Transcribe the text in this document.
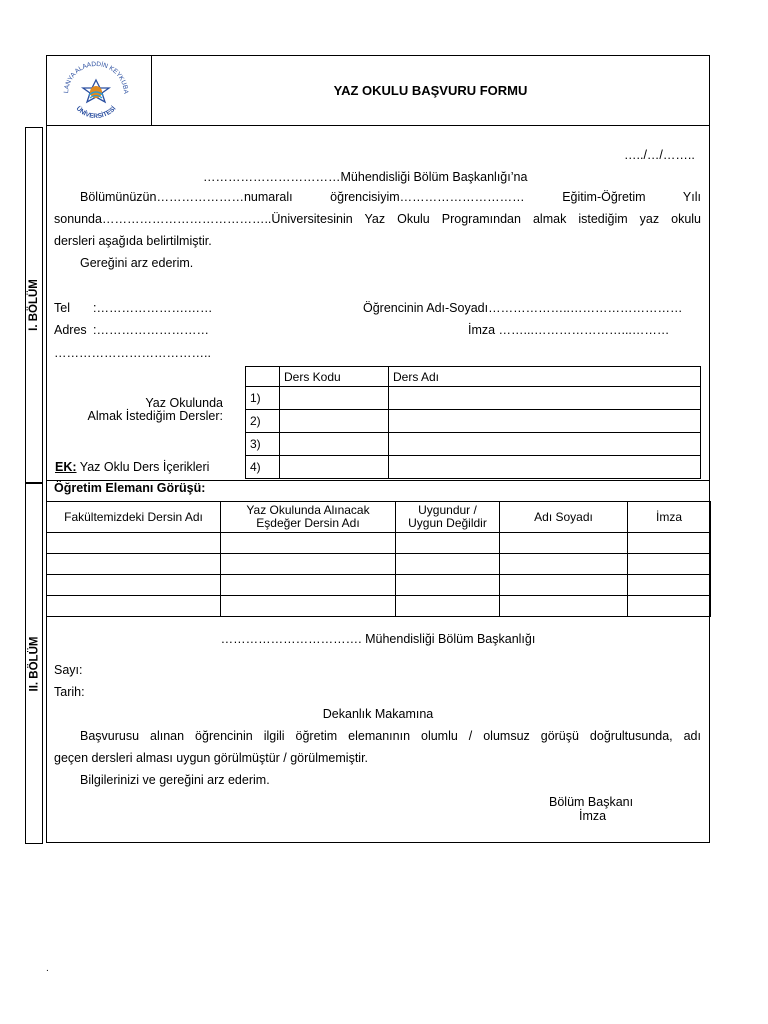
LANYA ALAADDİN KEYKUBA
ÜNİVERSİTESİ
YAZ OKULU BAŞVURU FORMU
I. BÖLÜM
II. BÖLÜM
…../…/……..
……………………………Mühendisliği Bölüm Başkanlığı’na

Bölümünüzün…………………numaralı öğrencisiyim………………………… Eğitim-Öğretim Yılı

sonunda…………………………………..Üniversitesinin Yaz Okulu Programından almak istediğim yaz okulu

dersleri aşağıda belirtilmiştir.

Gereğini arz ederim.

Tel :………………….……	Öğrencinin Adı-Soyadı………………..………………………
Adres :………………………	İmza ……...…………………...………
………………………………..
Yaz Okulunda
Almak İstediğim Dersler:
EK: Yaz Oklu Ders İçerikleri
	Ders Kodu	Ders Adı
1)		
2)		
3)		
4)		
Öğretim Elemanı Görüşü:
Fakültemizdeki Dersin Adı	Yaz Okulunda Alınacak Eşdeğer Dersin Adı	Uygundur / Uygun Değildir	Adı Soyadı	İmza

……………………………. Mühendisliği Bölüm Başkanlığı
Sayı:
Tarih:
Dekanlık Makamına

Başvurusu alınan öğrencinin ilgili öğretim elemanının olumlu / olumsuz görüşü doğrultusunda, adı

geçen dersleri alması uygun görülmüştür / görülmemiştir.

Bilgilerinizi ve gereğini arz ederim.

Bölüm Başkanı
İmza
.
